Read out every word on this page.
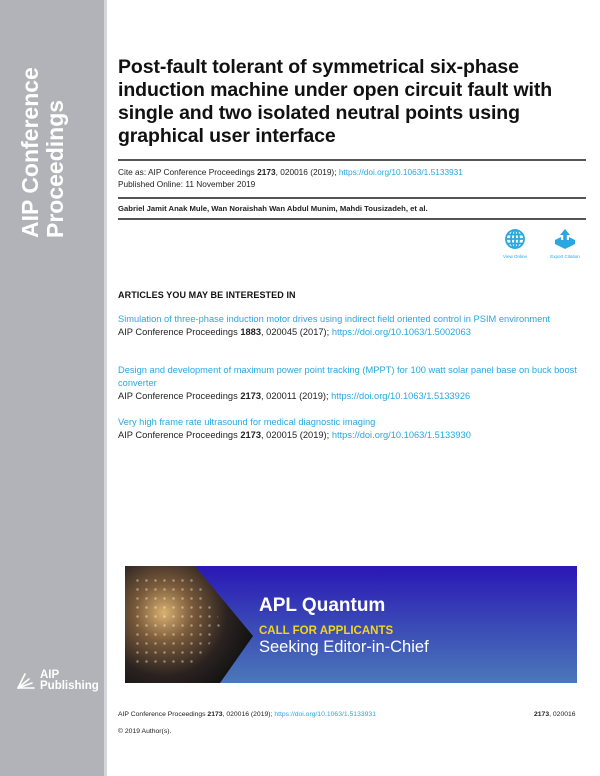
AIP Conference Proceedings
AIP
Publishing
Post-fault tolerant of symmetrical six-phase induction machine under open circuit fault with single and two isolated neutral points using graphical user interface
Cite as: AIP Conference Proceedings 2173, 020016 (2019); https://doi.org/10.1063/1.5133931
Published Online: 11 November 2019
Gabriel Jamit Anak Mule, Wan Noraishah Wan Abdul Munim, Mahdi Tousizadeh, et al.
View Online	Export Citation
ARTICLES YOU MAY BE INTERESTED IN
Simulation of three-phase induction motor drives using indirect field oriented control in PSIM environment
AIP Conference Proceedings 1883, 020045 (2017); https://doi.org/10.1063/1.5002063
Design and development of maximum power point tracking (MPPT) for 100 watt solar panel base on buck boost converter
AIP Conference Proceedings 2173, 020011 (2019); https://doi.org/10.1063/1.5133926
Very high frame rate ultrasound for medical diagnostic imaging
AIP Conference Proceedings 2173, 020015 (2019); https://doi.org/10.1063/1.5133930
AIP Conference Proceedings 2173, 020016 (2019); https://doi.org/10.1063/1.5133931	2173, 020016
© 2019 Author(s).
APL Quantum
CALL FOR APPLICANTS
Seeking Editor-in-Chief
